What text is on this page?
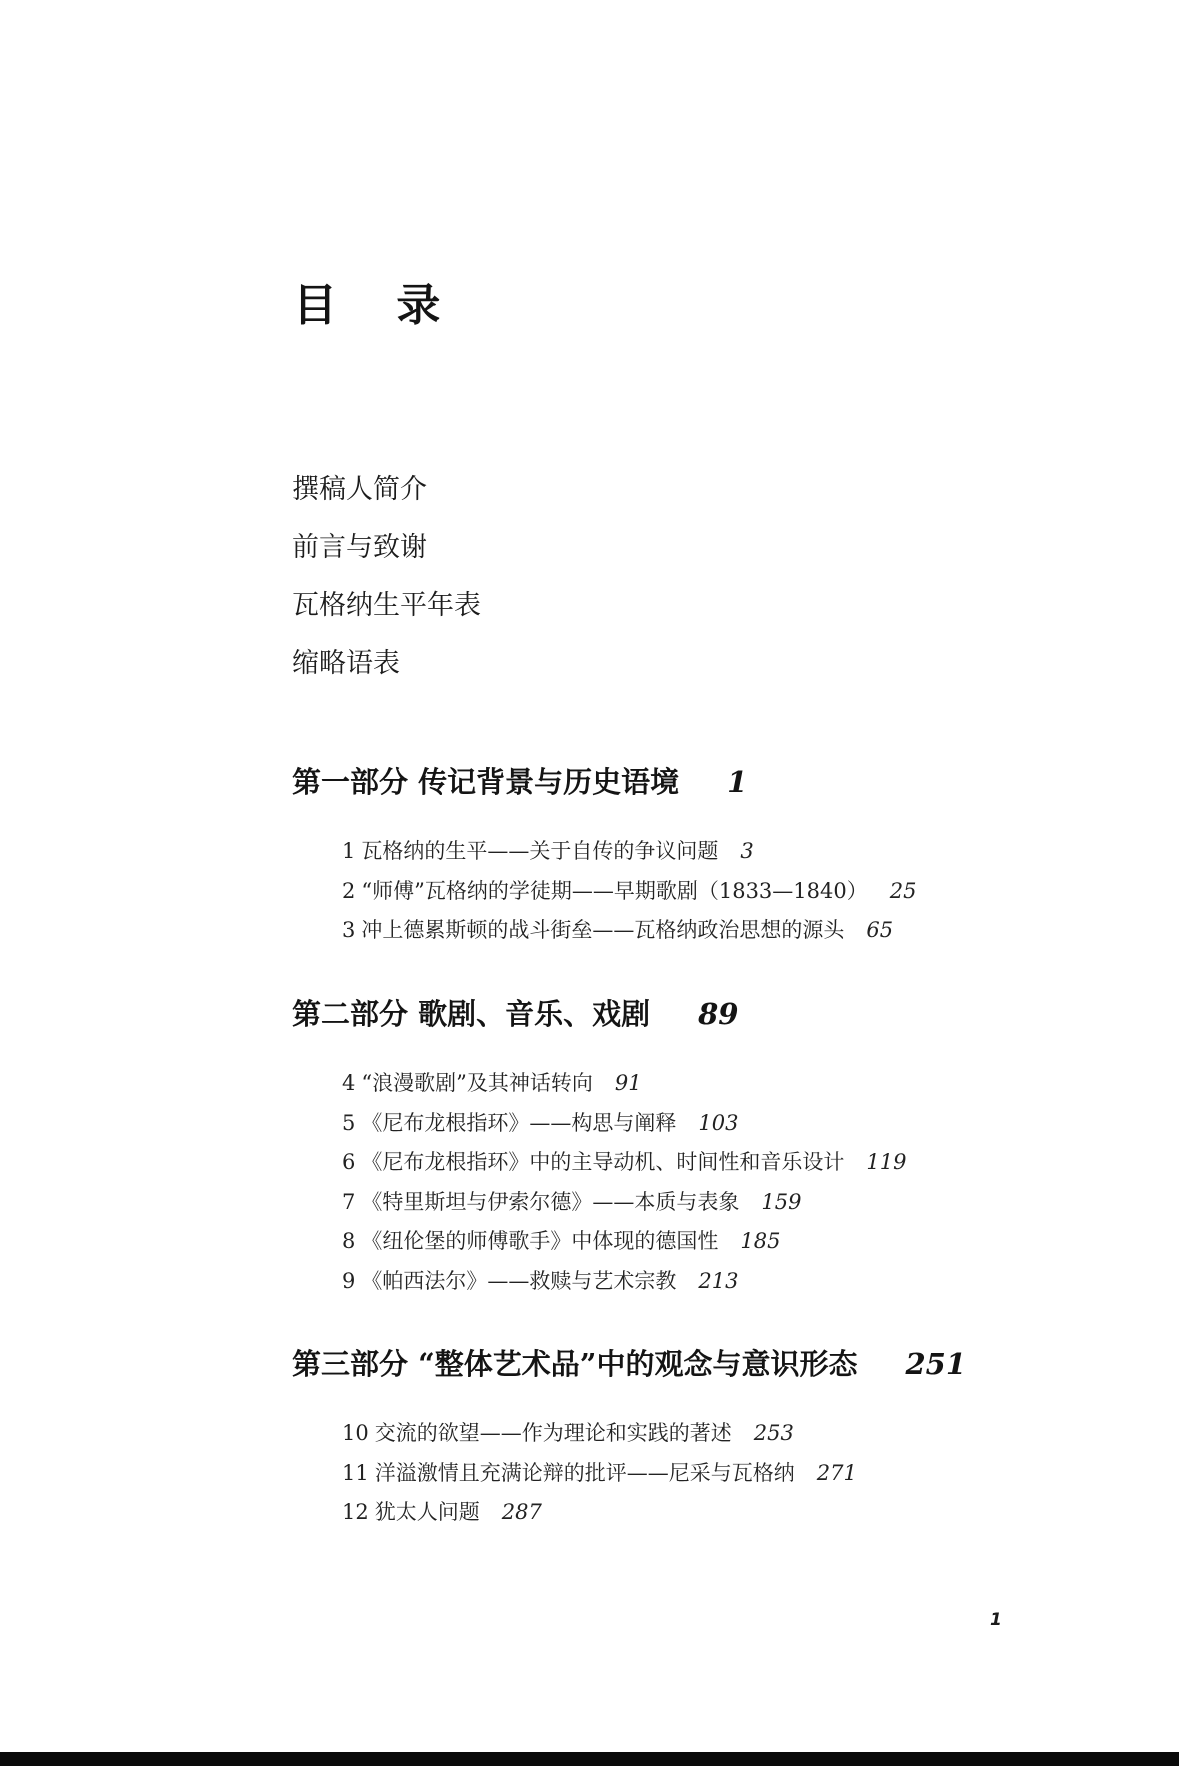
目 录
撰稿人简介
前言与致谢
瓦格纳生平年表
缩略语表
第一部分 传记背景与历史语境 1
1 瓦格纳的生平——关于自传的争议问题 3
2 “师傅”瓦格纳的学徒期——早期歌剧（1833—1840） 25
3 冲上德累斯顿的战斗街垒——瓦格纳政治思想的源头 65
第二部分 歌剧、音乐、戏剧 89
4 “浪漫歌剧”及其神话转向 91
5 《尼布龙根指环》——构思与阐释 103
6 《尼布龙根指环》中的主导动机、时间性和音乐设计 119
7 《特里斯坦与伊索尔德》——本质与表象 159
8 《纽伦堡的师傅歌手》中体现的德国性 185
9 《帕西法尔》——救赎与艺术宗教 213
第三部分 “整体艺术品”中的观念与意识形态 251
10 交流的欲望——作为理论和实践的著述 253
11 洋溢激情且充满论辩的批评——尼采与瓦格纳 271
12 犹太人问题 287
1
